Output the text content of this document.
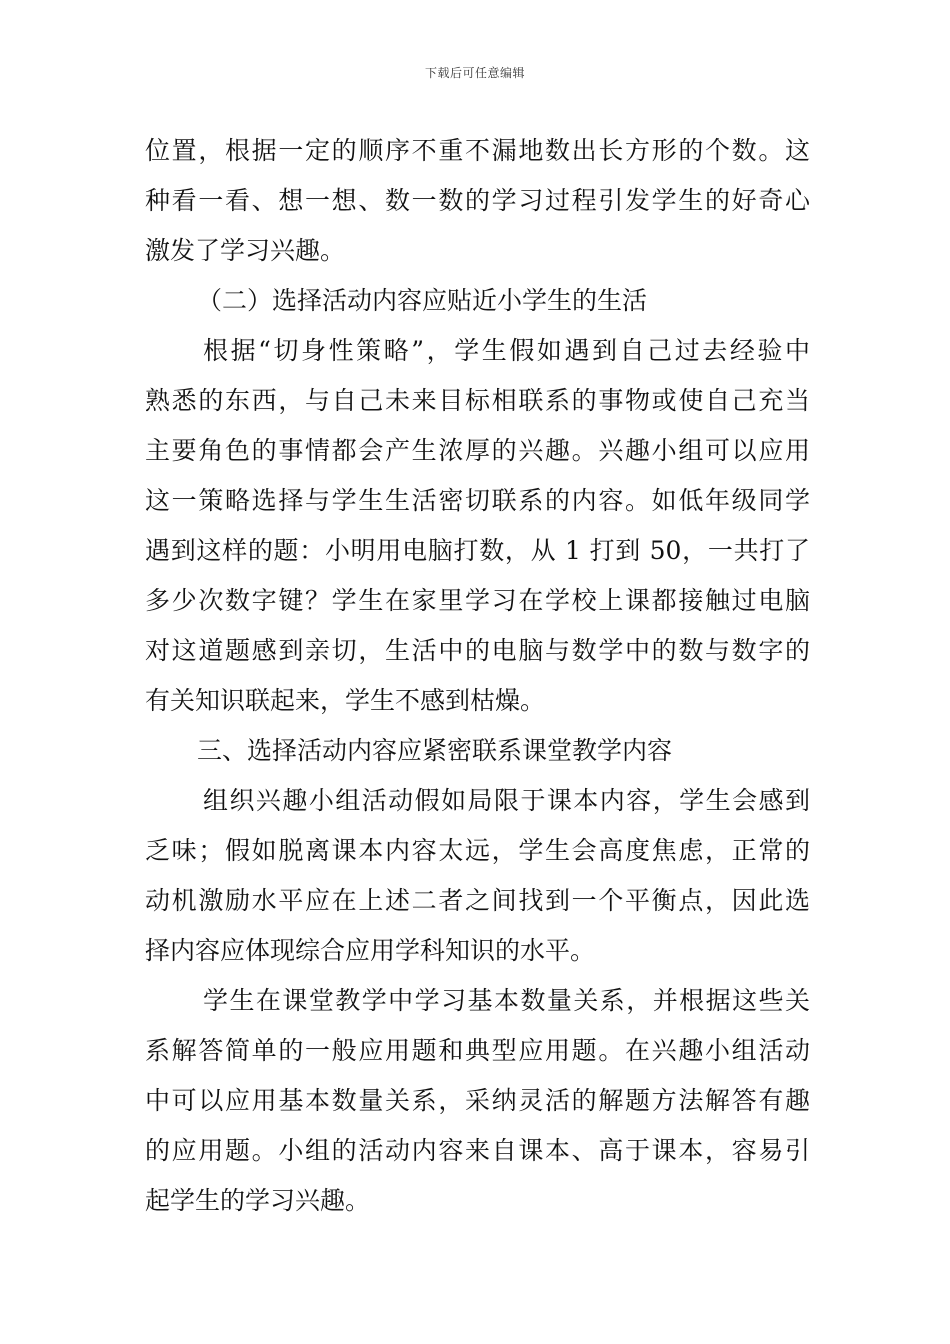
下载后可任意编辑
位置，根据一定的顺序不重不漏地数出长方形的个数。这
种看一看、想一想、数一数的学习过程引发学生的好奇心
激发了学习兴趣。
（二）选择活动内容应贴近小学生的生活
根据“切身性策略”，学生假如遇到自己过去经验中
熟悉的东西，与自己未来目标相联系的事物或使自己充当
主要角色的事情都会产生浓厚的兴趣。兴趣小组可以应用
这一策略选择与学生生活密切联系的内容。如低年级同学
遇到这样的题：小明用电脑打数，从 1 打到 50，一共打了
多少次数字键？学生在家里学习在学校上课都接触过电脑
对这道题感到亲切，生活中的电脑与数学中的数与数字的
有关知识联起来，学生不感到枯燥。
三、选择活动内容应紧密联系课堂教学内容
组织兴趣小组活动假如局限于课本内容，学生会感到
乏味；假如脱离课本内容太远，学生会高度焦虑，正常的
动机激励水平应在上述二者之间找到一个平衡点，因此选
择内容应体现综合应用学科知识的水平。
学生在课堂教学中学习基本数量关系，并根据这些关
系解答简单的一般应用题和典型应用题。在兴趣小组活动
中可以应用基本数量关系，采纳灵活的解题方法解答有趣
的应用题。小组的活动内容来自课本、高于课本，容易引
起学生的学习兴趣。
